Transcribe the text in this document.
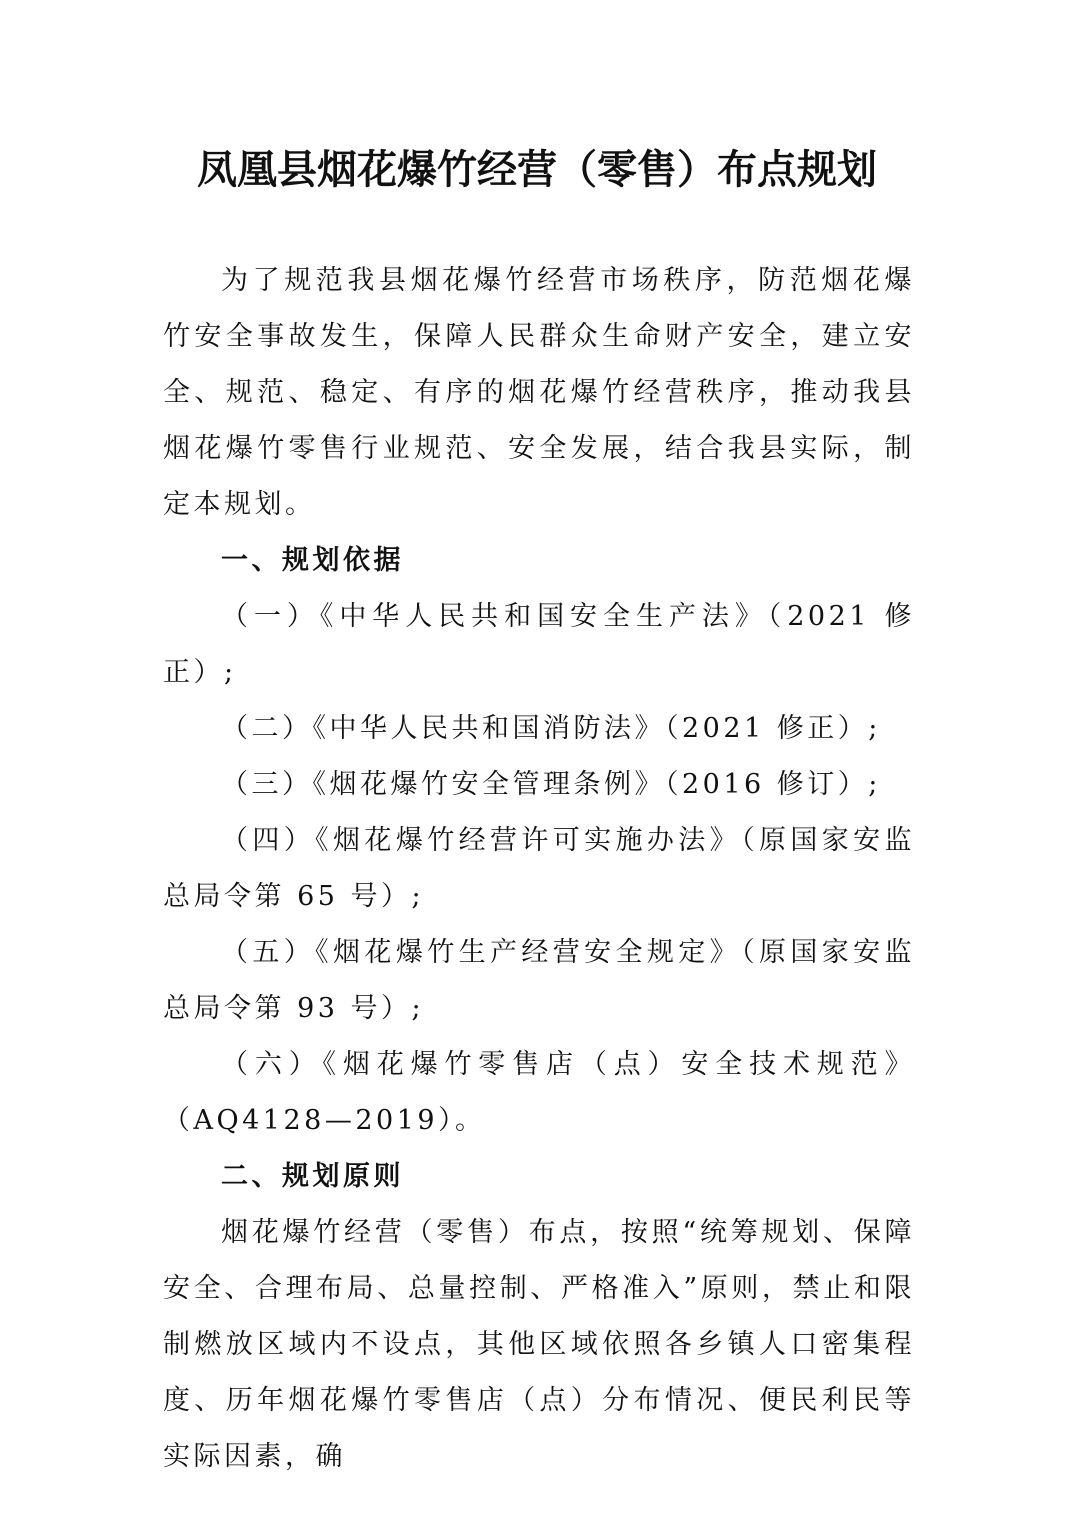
凤凰县烟花爆竹经营（零售）布点规划

为了规范我县烟花爆竹经营市场秩序，防范烟花爆竹安全事故发生，保障人民群众生命财产安全，建立安全、规范、稳定、有序的烟花爆竹经营秩序，推动我县烟花爆竹零售行业规范、安全发展，结合我县实际，制定本规划。

一、规划依据

（一）《中华人民共和国安全生产法》（2021 修正）;

（二）《中华人民共和国消防法》（2021 修正）;

（三）《烟花爆竹安全管理条例》（2016 修订）;

（四）《烟花爆竹经营许可实施办法》（原国家安监总局令第 65 号）;

（五）《烟花爆竹生产经营安全规定》（原国家安监总局令第 93 号）;

（六）《烟花爆竹零售店（点）安全技术规范》（AQ4128—2019）。

二、规划原则

烟花爆竹经营（零售）布点，按照“统筹规划、保障安全、合理布局、总量控制、严格准入”原则，禁止和限制燃放区域内不设点，其他区域依照各乡镇人口密集程度、历年烟花爆竹零售店（点）分布情况、便民利民等实际因素，确
